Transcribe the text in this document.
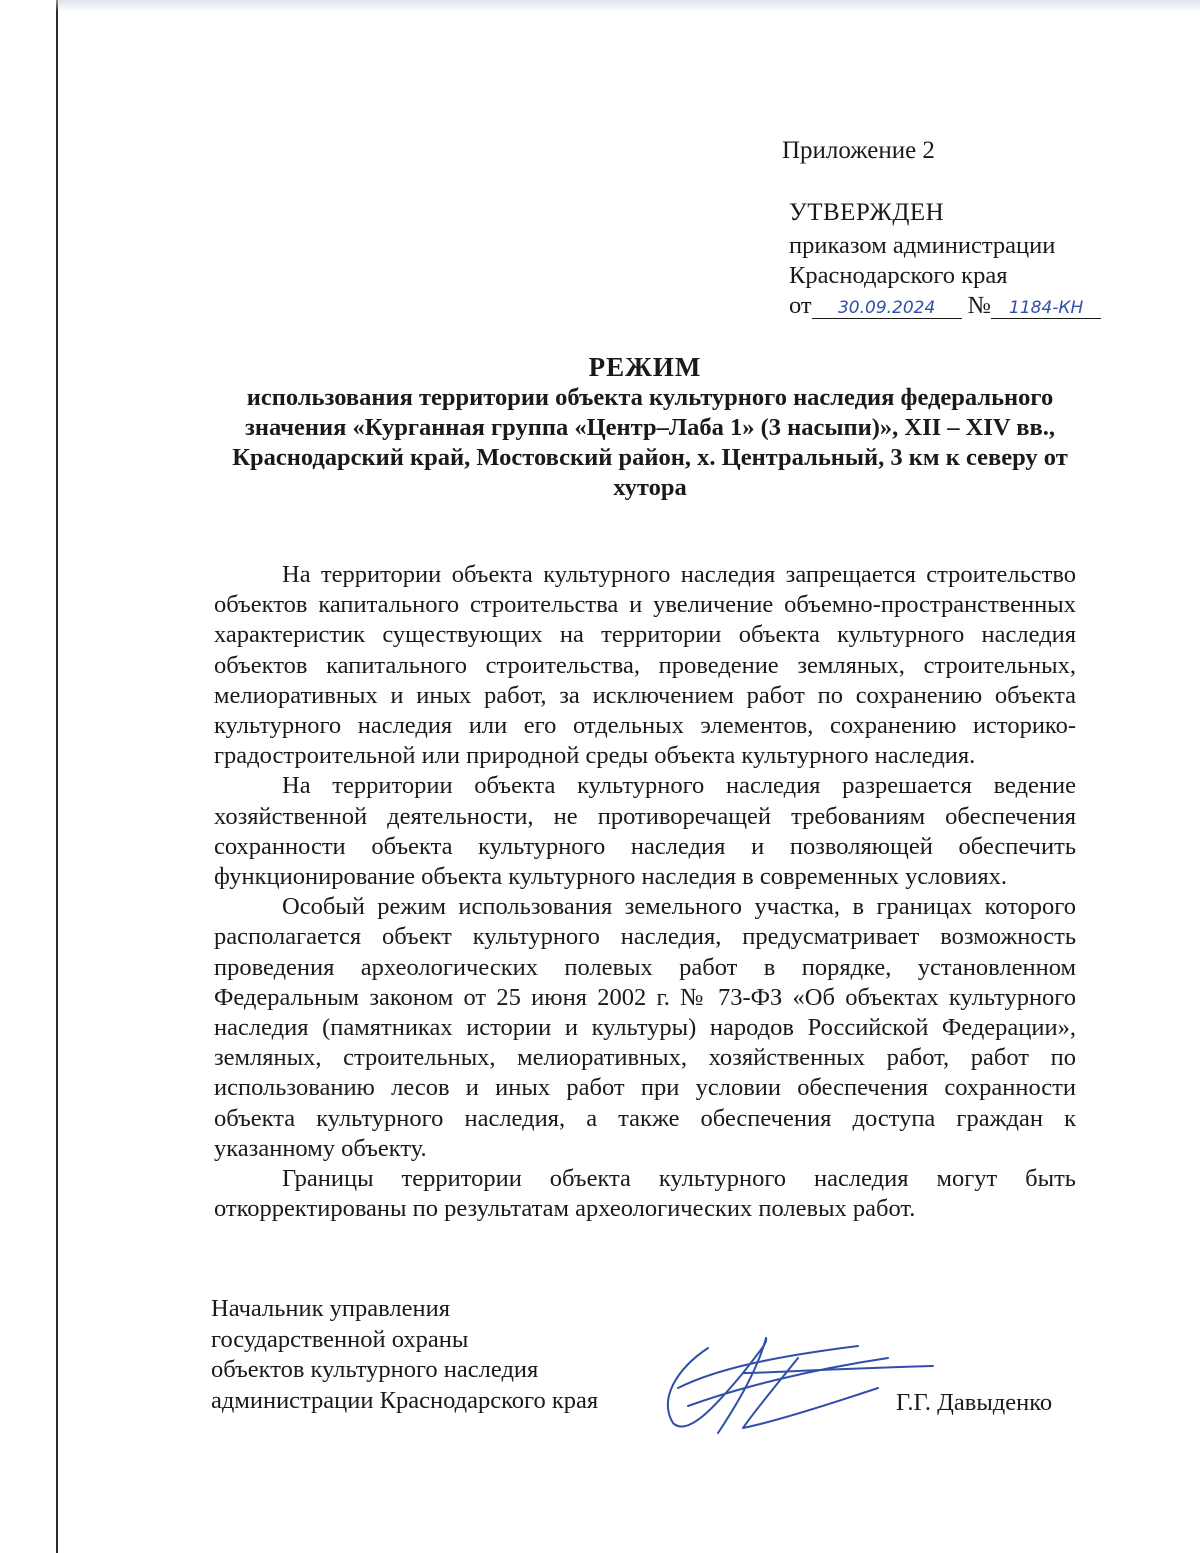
Приложение 2
УТВЕРЖДЕН
приказом администрации
Краснодарского края
от 30.09.2024 № 1184-КН
РЕЖИМ
использования территории объекта культурного наследия федерального значения «Курганная группа «Центр–Лаба 1» (3 насыпи)», XII – XIV вв., Краснодарский край, Мостовский район, х. Центральный, 3 км к северу от хутора

На территории объекта культурного наследия запрещается строительство объектов капитального строительства и увеличение объемно-пространственных характеристик существующих на территории объекта культурного наследия объектов капитального строительства, проведение земляных, строительных, мелиоративных и иных работ, за исключением работ по сохранению объекта культурного наследия или его отдельных элементов, сохранению историко-градостроительной или природной среды объекта культурного наследия.

На территории объекта культурного наследия разрешается ведение хозяйственной деятельности, не противоречащей требованиям обеспечения сохранности объекта культурного наследия и позволяющей обеспечить функционирование объекта культурного наследия в современных условиях.

Особый режим использования земельного участка, в границах которого располагается объект культурного наследия, предусматривает возможность проведения археологических полевых работ в порядке, установленном Федеральным законом от 25 июня 2002 г. № 73-ФЗ «Об объектах культурного наследия (памятниках истории и культуры) народов Российской Федерации», земляных, строительных, мелиоративных, хозяйственных работ, работ по использованию лесов и иных работ при условии обеспечения сохранности объекта культурного наследия, а также обеспечения доступа граждан к указанному объекту.

Границы территории объекта культурного наследия могут быть откорректированы по результатам археологических полевых работ.

Начальник управления
государственной охраны
объектов культурного наследия
администрации Краснодарского края	Г.Г. Давыденко
